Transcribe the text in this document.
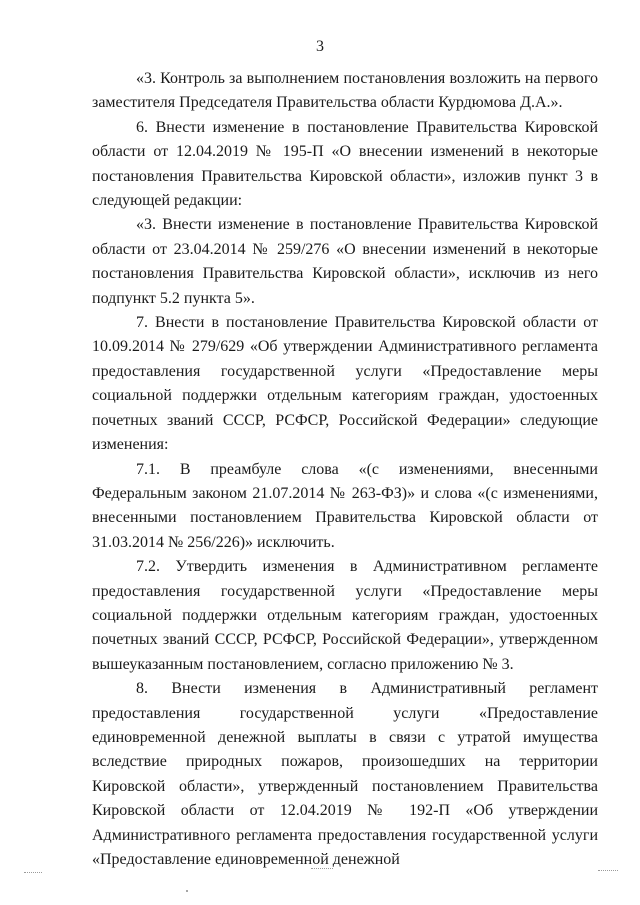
3

«3. Контроль за выполнением постановления возложить на первого заместителя Председателя Правительства области Курдюмова Д.А.».

6. Внести изменение в постановление Правительства Кировской области от 12.04.2019 № 195-П «О внесении изменений в некоторые постановления Правительства Кировской области», изложив пункт 3 в следующей редакции:

«3. Внести изменение в постановление Правительства Кировской области от 23.04.2014 № 259/276 «О внесении изменений в некоторые постановления Правительства Кировской области», исключив из него подпункт 5.2 пункта 5».

7. Внести в постановление Правительства Кировской области от 10.09.2014 № 279/629 «Об утверждении Административного регламента предоставления государственной услуги «Предоставление меры социальной поддержки отдельным категориям граждан, удостоенных почетных званий СССР, РСФСР, Российской Федерации» следующие изменения:

7.1. В преамбуле слова «(с изменениями, внесенными Федеральным законом 21.07.2014 № 263-ФЗ)» и слова «(с изменениями, внесенными постановлением Правительства Кировской области от 31.03.2014 № 256/226)» исключить.

7.2. Утвердить изменения в Административном регламенте предоставления государственной услуги «Предоставление меры социальной поддержки отдельным категориям граждан, удостоенных почетных званий СССР, РСФСР, Российской Федерации», утвержденном вышеуказанным постановлением, согласно приложению № 3.

8. Внести изменения в Административный регламент предоставления государственной услуги «Предоставление единовременной денежной выплаты в связи с утратой имущества вследствие природных пожаров, произошедших на территории Кировской области», утвержденный постановлением Правительства Кировской области от 12.04.2019 № 192-П «Об утверждении Административного регламента предоставления государственной услуги «Предоставление единовременной денежной
